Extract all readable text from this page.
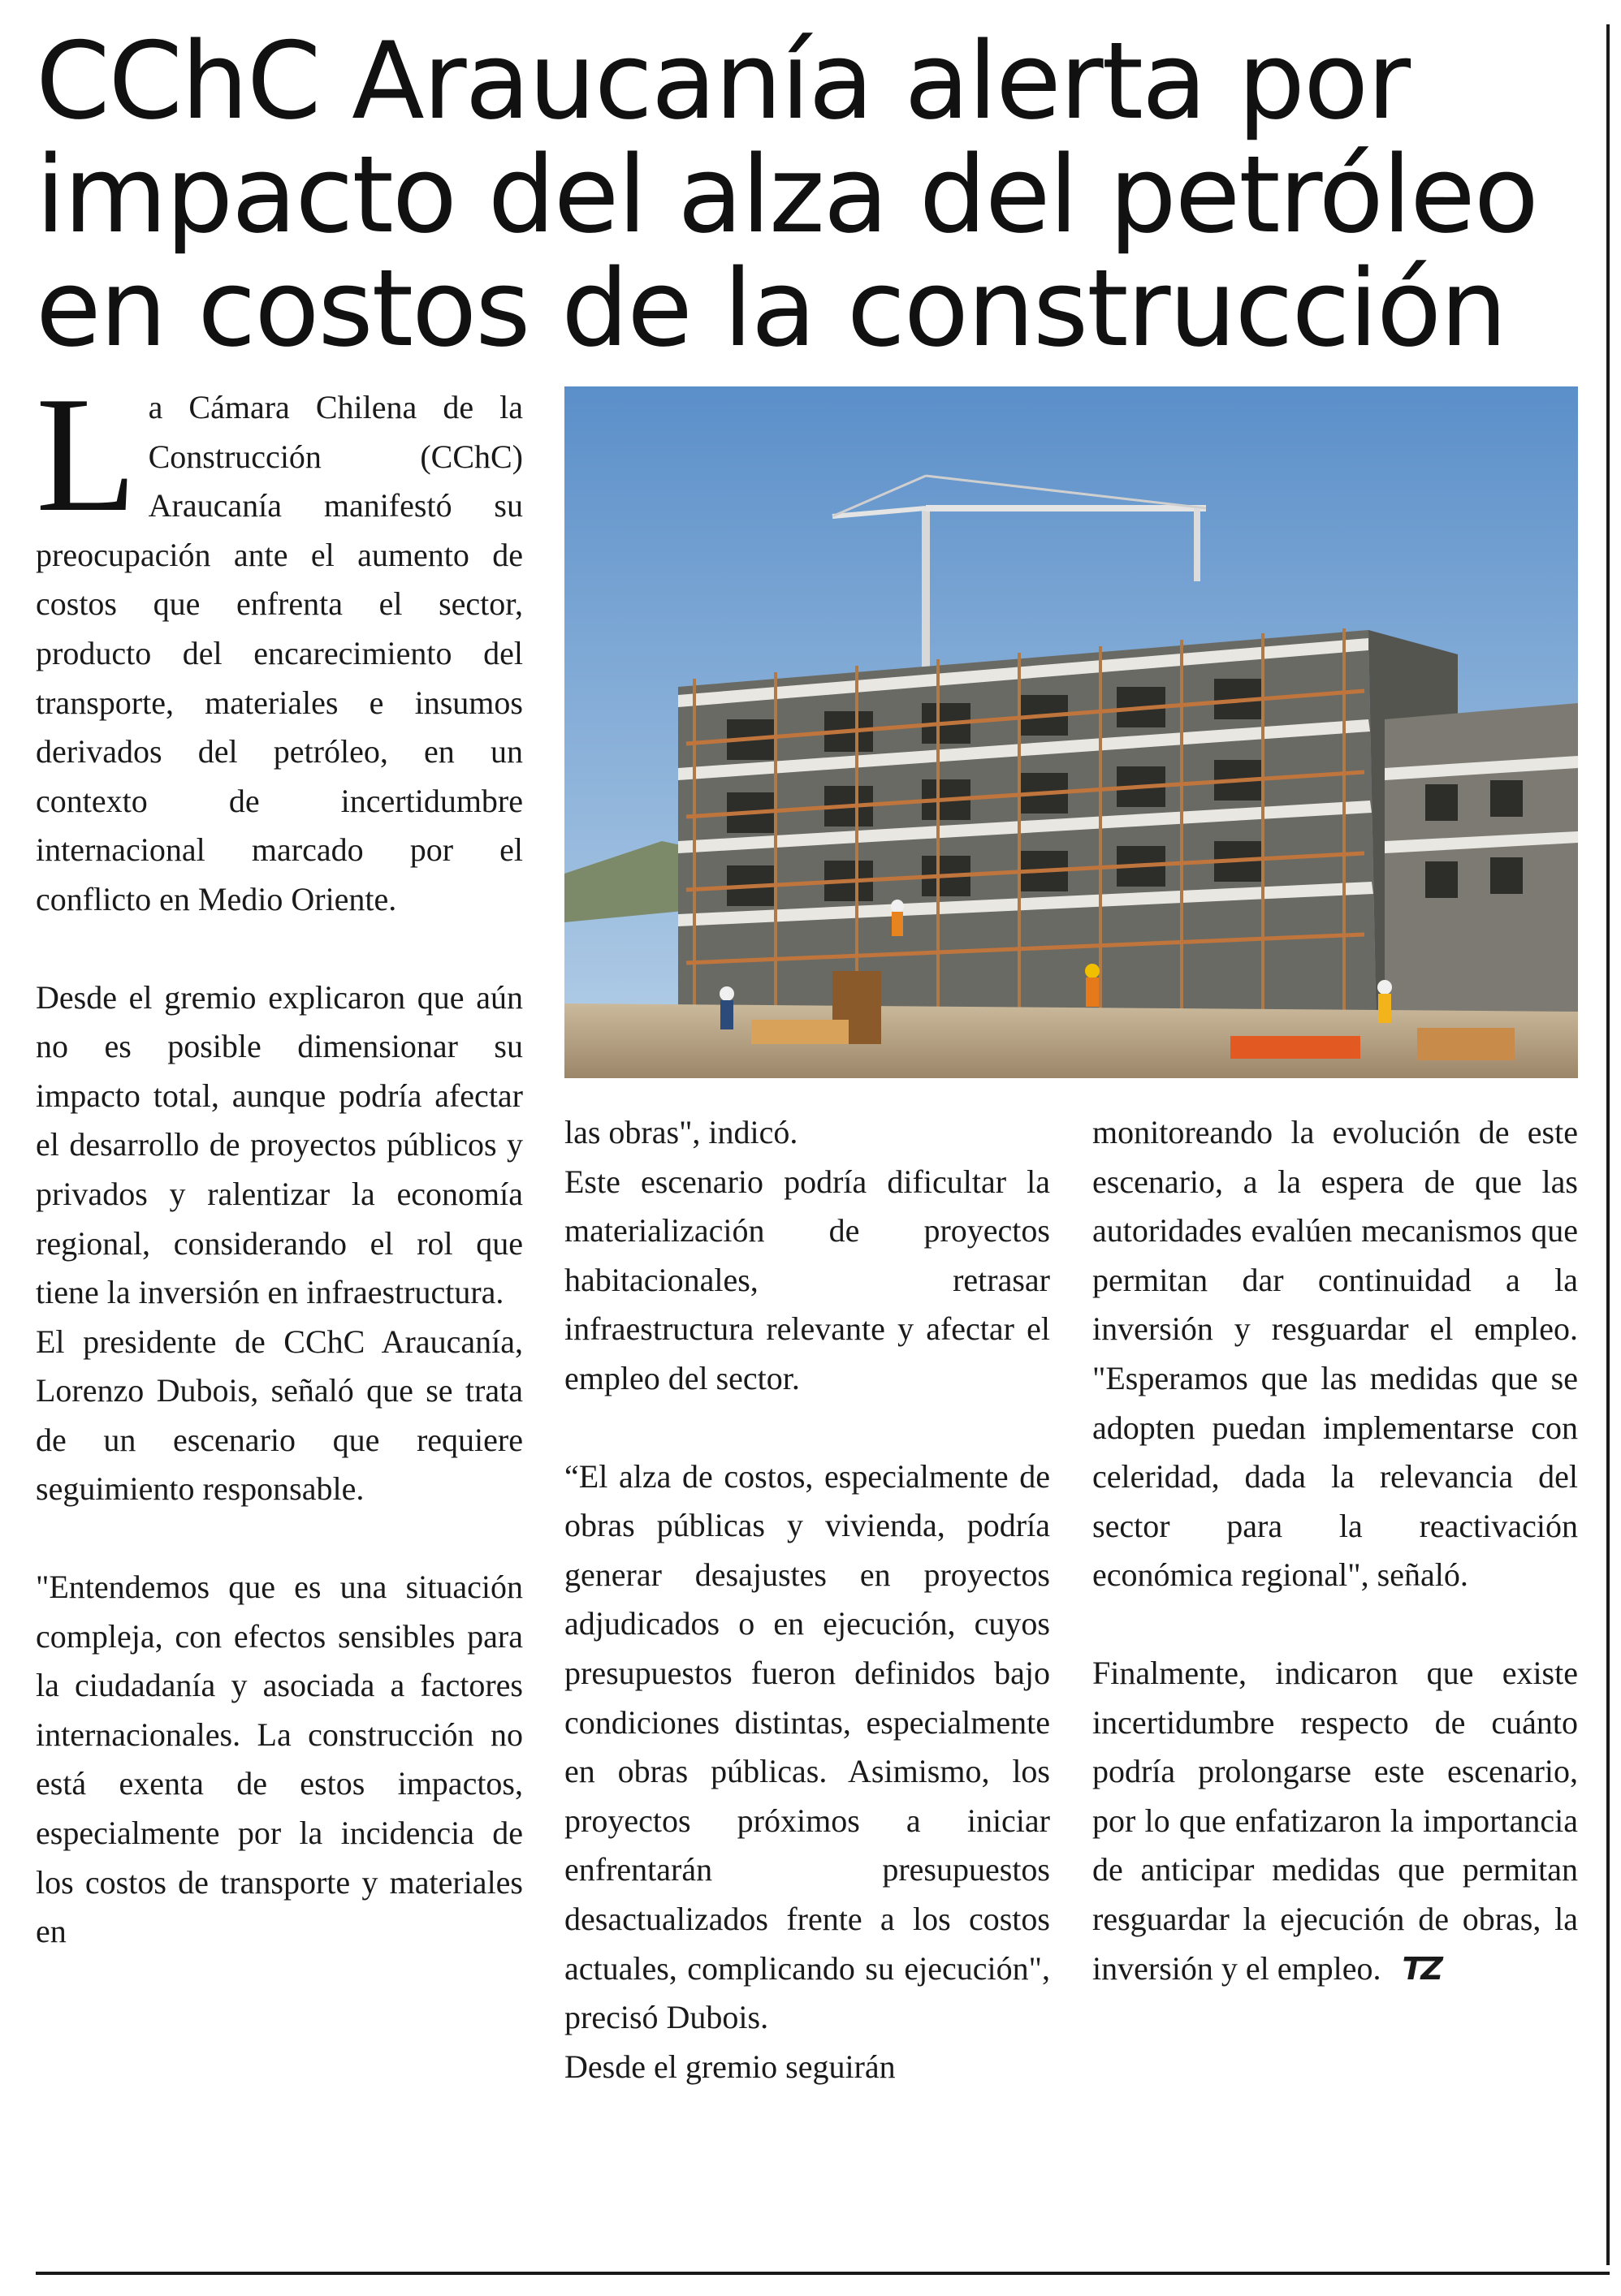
CChC Araucanía alerta por
impacto del alza del petróleo
en costos de la construcción

La Cámara Chilena de la Construcción (CChC) Araucanía manifestó su preocupación ante el aumento de costos que enfrenta el sector, producto del encarecimiento del transporte, materiales e insumos derivados del petróleo, en un contexto de incertidumbre internacional marcado por el conflicto en Medio Oriente.

Desde el gremio explicaron que aún no es posible dimensionar su impacto total, aunque podría afectar el desarrollo de proyectos públicos y privados y ralentizar la economía regional, considerando el rol que tiene la inversión en infraestructura.

El presidente de CChC Araucanía, Lorenzo Dubois, señaló que se trata de un escenario que requiere seguimiento responsable.

"Entendemos que es una situación compleja, con efectos sensibles para la ciudadanía y asociada a factores internacionales. La construcción no está exenta de estos impactos, especialmente por la incidencia de los costos de transporte y materiales en

las obras", indicó.

Este escenario podría dificultar la materialización de proyectos habitacionales, retrasar infraestructura relevante y afectar el empleo del sector.

“El alza de costos, especialmente de obras públicas y vivienda, podría generar desajustes en proyectos adjudicados o en ejecución, cuyos presupuestos fueron definidos bajo condiciones distintas, especialmente en obras públicas. Asimismo, los proyectos próximos a iniciar enfrentarán presupuestos desactualizados frente a los costos actuales, complicando su ejecución", precisó Dubois.

Desde el gremio seguirán

monitoreando la evolución de este escenario, a la espera de que las autoridades evalúen mecanismos que permitan dar continuidad a la inversión y resguardar el empleo. "Esperamos que las medidas que se adopten puedan implementarse con celeridad, dada la relevancia del sector para la reactivación económica regional", señaló.

Finalmente, indicaron que existe incertidumbre respecto de cuánto podría prolongarse este escenario, por lo que enfatizaron la importancia de anticipar medidas que permitan resguardar la ejecución de obras, la inversión y el empleo. TZ
